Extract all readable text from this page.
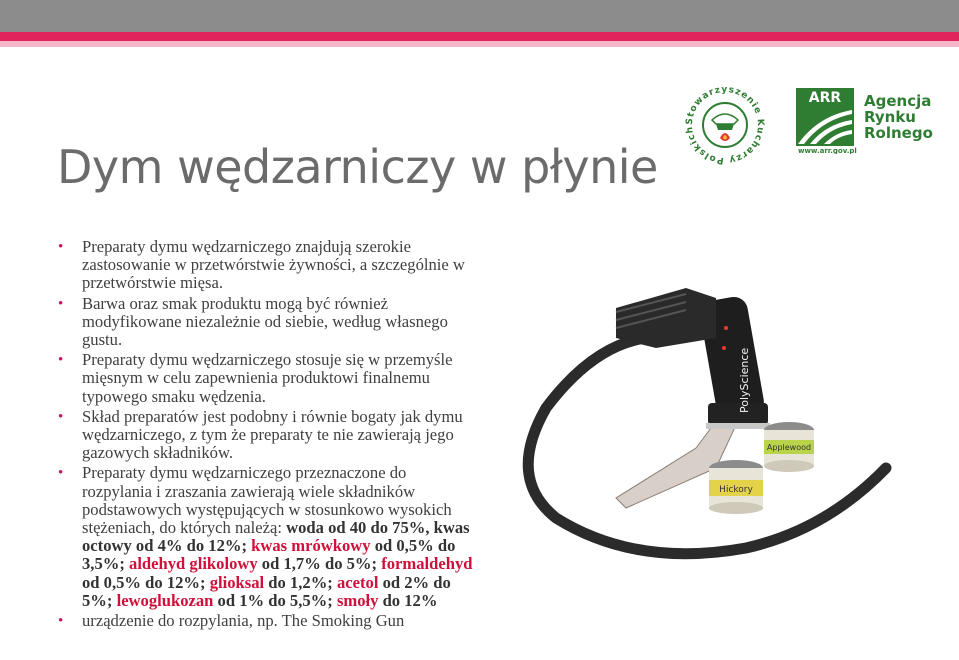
Stowarzyszenie Kucharzy Polskich
ARR Agencja
Rynku
Rolnego
www.arr.gov.pl
Dym wędzarniczy w płynie
• Preparaty dymu wędzarniczego znajdują szerokie zastosowanie w przetwórstwie żywności, a szczególnie w przetwórstwie mięsa.
• Barwa oraz smak produktu mogą być również modyfikowane niezależnie od siebie, według własnego gustu.
• Preparaty dymu wędzarniczego stosuje się w przemyśle mięsnym w celu zapewnienia produktowi finalnemu typowego smaku wędzenia.
• Skład preparatów jest podobny i równie bogaty jak dymu wędzarniczego, z tym że preparaty te nie zawierają jego gazowych składników.
• Preparaty dymu wędzarniczego przeznaczone do rozpylania i zraszania zawierają wiele składników podstawowych występujących w stosunkowo wysokich stężeniach, do których należą: woda od 40 do 75%, kwas octowy od 4% do 12%; kwas mrówkowy od 0,5% do 3,5%; aldehyd glikolowy od 1,7% do 5%; formaldehyd od 0,5% do 12%; glioksal do 1,2%; acetol od 2% do 5%; lewoglukozan od 1% do 5,5%; smoły do 12%
• urządzenie do rozpylania, np. The Smoking Gun
PolyScience
Hickory
Applewood
